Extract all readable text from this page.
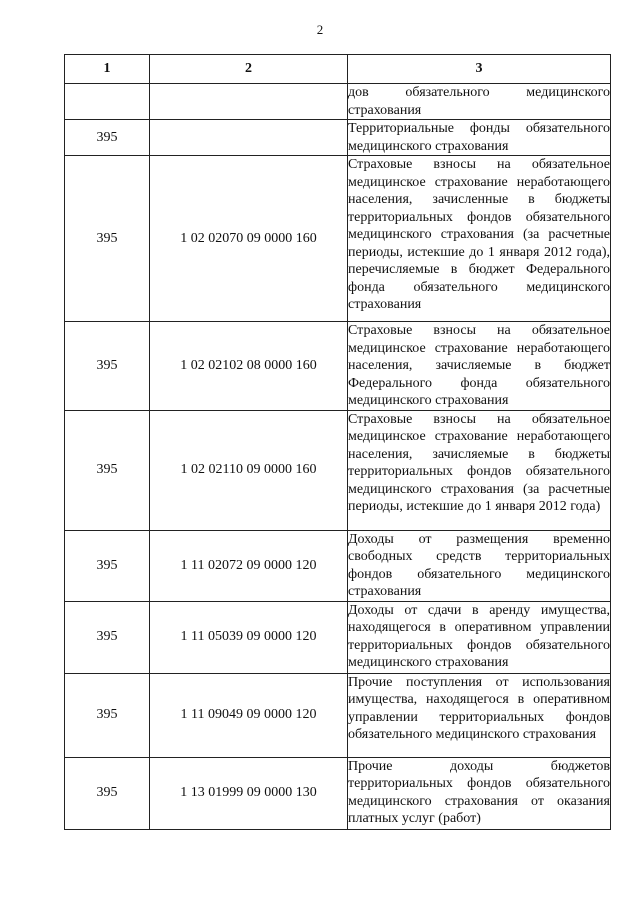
2
1	2	3
		дов обязательного медицинского страхования
395		Территориальные фонды обязательного медицинского страхования
395	1 02 02070 09 0000 160	Страховые взносы на обязательное медицинское страхование неработающего населения, зачисленные в бюджеты территориальных фондов обязательного медицинского страхования (за расчетные периоды, истекшие до 1 января 2012 года), перечисляемые в бюджет Федерального фонда обязательного медицинского страхования
395	1 02 02102 08 0000 160	Страховые взносы на обязательное медицинское страхование неработающего населения, зачисляемые в бюджет Федерального фонда обязательного медицинского страхования
395	1 02 02110 09 0000 160	Страховые взносы на обязательное медицинское страхование неработающего населения, зачисляемые в бюджеты территориальных фондов обязательного медицинского страхования (за расчетные периоды, истекшие до 1 января 2012 года)
395	1 11 02072 09 0000 120	Доходы от размещения временно свободных средств территориальных фондов обязательного медицинского страхования
395	1 11 05039 09 0000 120	Доходы от сдачи в аренду имущества, находящегося в оперативном управлении территориальных фондов обязательного медицинского страхования
395	1 11 09049 09 0000 120	Прочие поступления от использования имущества, находящегося в оперативном управлении территориальных фондов обязательного медицинского страхования
395	1 13 01999 09 0000 130	Прочие доходы бюджетов территориальных фондов обязательного медицинского страхования от оказания платных услуг (работ)
